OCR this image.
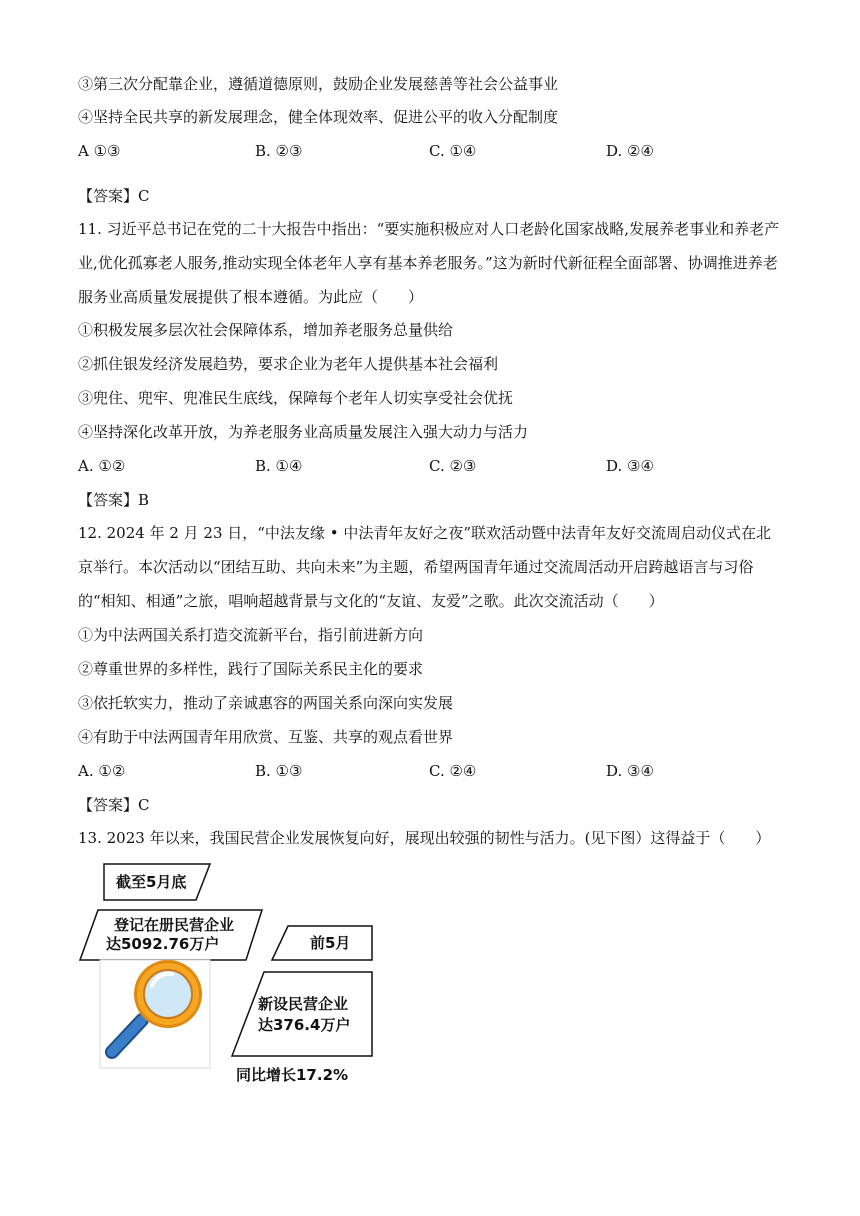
③第三次分配靠企业，遵循道德原则，鼓励企业发展慈善等社会公益事业
④坚持全民共享的新发展理念，健全体现效率、促进公平的收入分配制度
A ①③	B. ②③	C. ①④	D. ②④
【答案】C
11. 习近平总书记在党的二十大报告中指出：“要实施积极应对人口老龄化国家战略,发展养老事业和养老产业,优化孤寡老人服务,推动实现全体老年人享有基本养老服务。”这为新时代新征程全面部署、协调推进养老服务业高质量发展提供了根本遵循。为此应（　　）
①积极发展多层次社会保障体系，增加养老服务总量供给
②抓住银发经济发展趋势，要求企业为老年人提供基本社会福利
③兜住、兜牢、兜准民生底线，保障每个老年人切实享受社会优抚
④坚持深化改革开放，为养老服务业高质量发展注入强大动力与活力
A. ①②	B. ①④	C. ②③	D. ③④
【答案】B
12. 2024 年 2 月 23 日，“中法友缘 • 中法青年友好之夜”联欢活动暨中法青年友好交流周启动仪式在北京举行。本次活动以“团结互助、共向未来”为主题，希望两国青年通过交流周活动开启跨越语言与习俗的“相知、相通”之旅，唱响超越背景与文化的“友谊、友爱”之歌。此次交流活动（　　）
①为中法两国关系打造交流新平台，指引前进新方向
②尊重世界的多样性，践行了国际关系民主化的要求
③依托软实力，推动了亲诚惠容的两国关系向深向实发展
④有助于中法两国青年用欣赏、互鉴、共享的观点看世界
A. ①②	B. ①③	C. ②④	D. ③④
【答案】C
13. 2023 年以来，我国民营企业发展恢复向好，展现出较强的韧性与活力。(见下图）这得益于（　　）
截至5月底
登记在册民营企业
达5092.76万户	前5月
新设民营企业
达376.4万户
同比增长17.2%
